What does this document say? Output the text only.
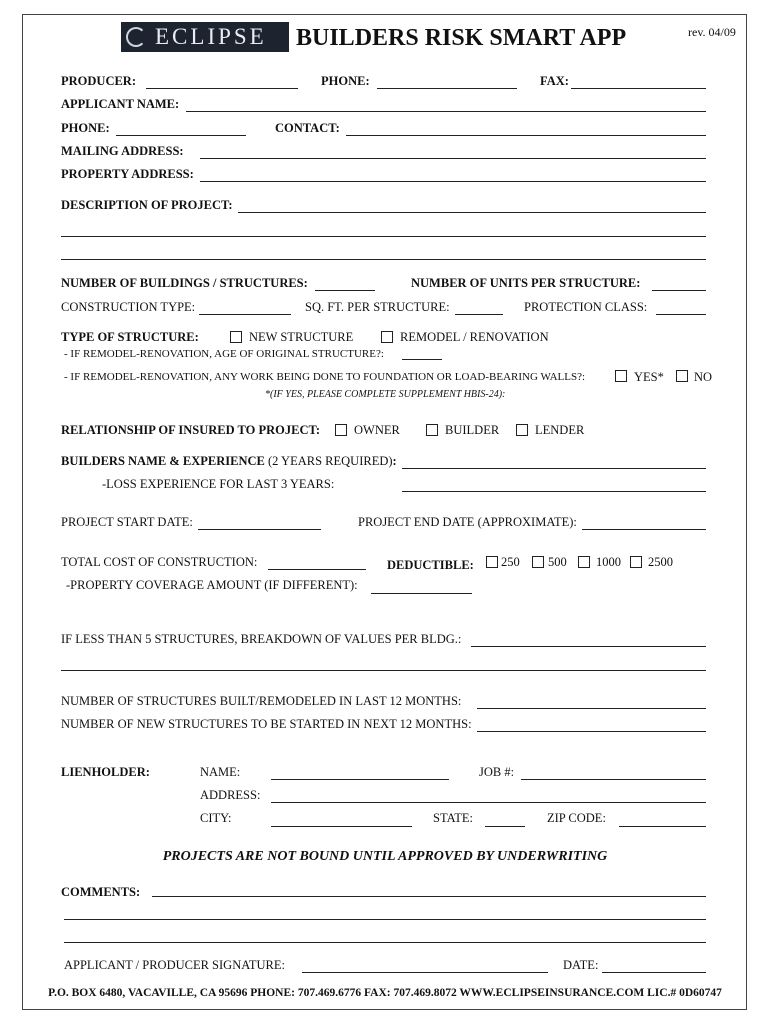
ECLIPSE BUILDERS RISK SMART APP	rev. 04/09
PRODUCER:	PHONE:	FAX:
APPLICANT NAME:
PHONE:	CONTACT:
MAILING ADDRESS:
PROPERTY ADDRESS:
DESCRIPTION OF PROJECT:
NUMBER OF BUILDINGS / STRUCTURES:	NUMBER OF UNITS PER STRUCTURE:
CONSTRUCTION TYPE:	SQ. FT. PER STRUCTURE:	PROTECTION CLASS:
TYPE OF STRUCTURE:	NEW STRUCTURE	REMODEL / RENOVATION
- IF REMODEL-RENOVATION, AGE OF ORIGINAL STRUCTURE?:
- IF REMODEL-RENOVATION, ANY WORK BEING DONE TO FOUNDATION OR LOAD-BEARING WALLS?:	YES* NO
*(IF YES, PLEASE COMPLETE SUPPLEMENT HBIS-24):
RELATIONSHIP OF INSURED TO PROJECT:	OWNER	BUILDER	LENDER
BUILDERS NAME & EXPERIENCE (2 YEARS REQUIRED):
-LOSS EXPERIENCE FOR LAST 3 YEARS:
PROJECT START DATE:	PROJECT END DATE (APPROXIMATE):
TOTAL COST OF CONSTRUCTION:	DEDUCTIBLE: 250 500 1000 2500
-PROPERTY COVERAGE AMOUNT (IF DIFFERENT):
IF LESS THAN 5 STRUCTURES, BREAKDOWN OF VALUES PER BLDG.:
NUMBER OF STRUCTURES BUILT/REMODELED IN LAST 12 MONTHS:
NUMBER OF NEW STRUCTURES TO BE STARTED IN NEXT 12 MONTHS:
LIENHOLDER:	NAME:	JOB #:
ADDRESS:
CITY:	STATE:	ZIP CODE:
PROJECTS ARE NOT BOUND UNTIL APPROVED BY UNDERWRITING
COMMENTS:
APPLICANT / PRODUCER SIGNATURE:	DATE:
P.O. BOX 6480, VACAVILLE, CA 95696 PHONE: 707.469.6776 FAX: 707.469.8072 WWW.ECLIPSEINSURANCE.COM LIC.# 0D60747
